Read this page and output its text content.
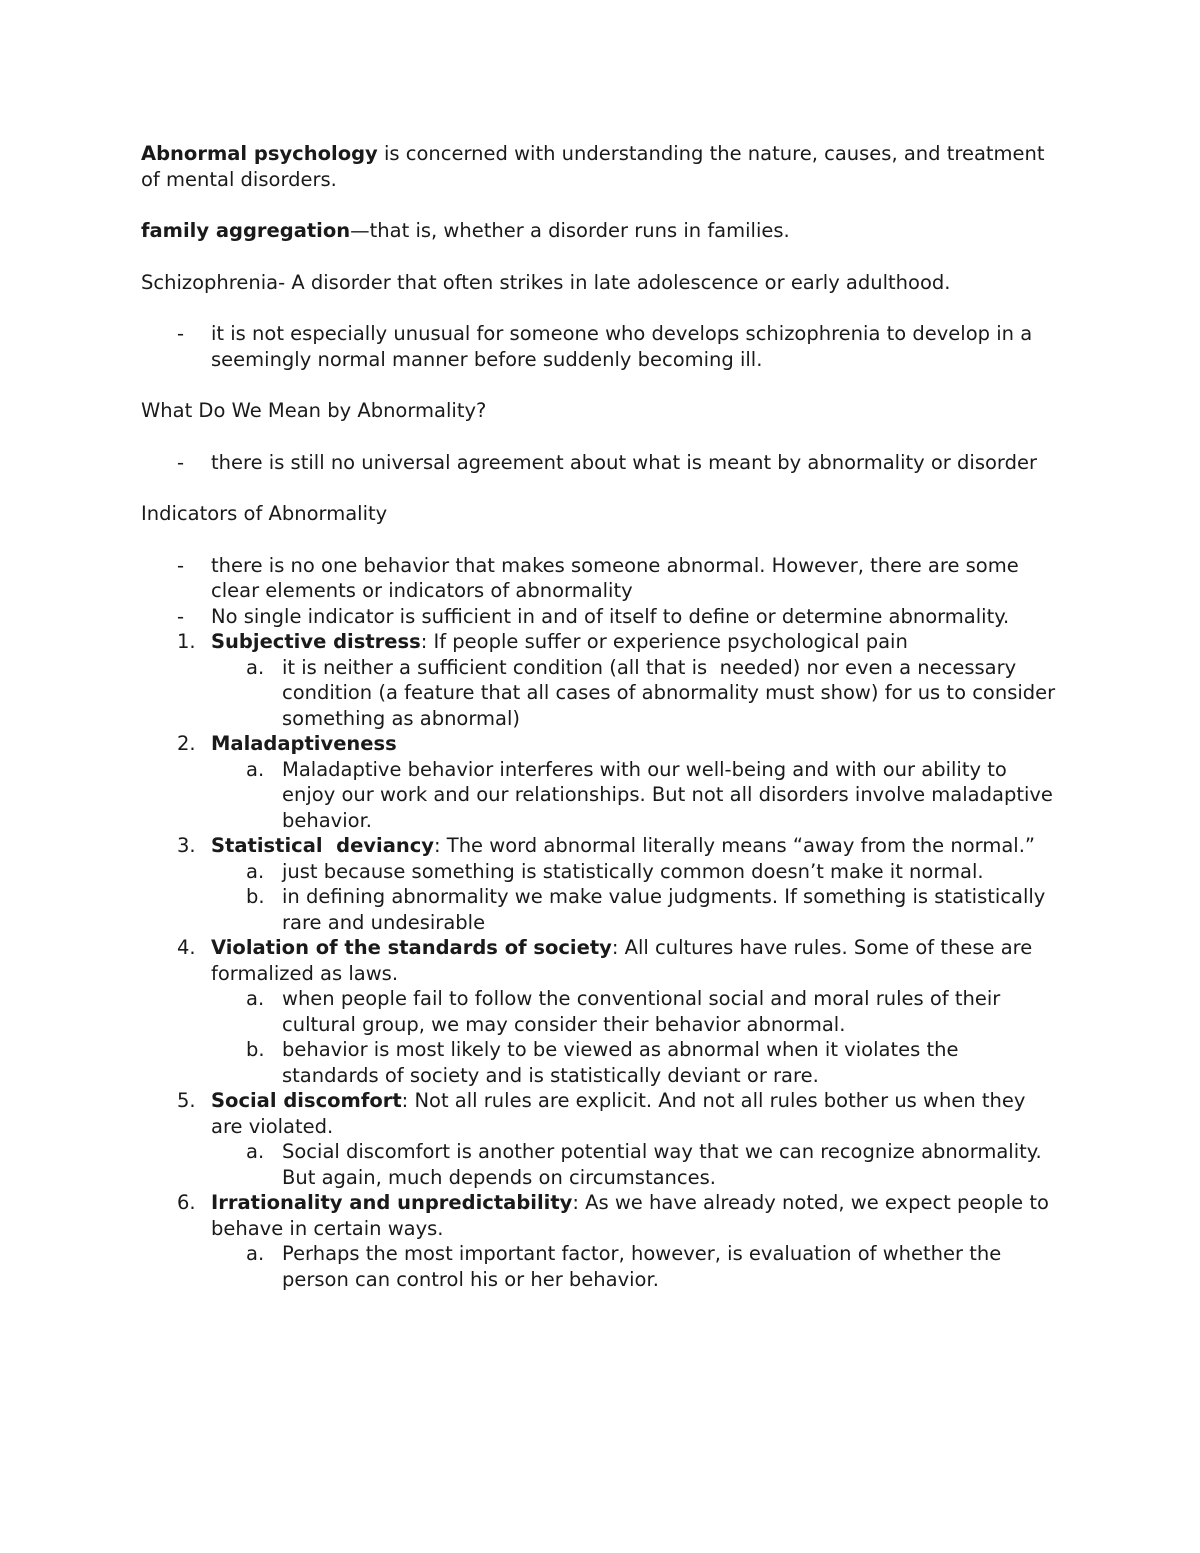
Abnormal psychology is concerned with understanding the nature, causes, and treatment of mental disorders.

family aggregation—that is, whether a disorder runs in families.

Schizophrenia- A disorder that often strikes in late adolescence or early adulthood.

- it is not especially unusual for someone who develops schizophrenia to develop in a seemingly normal manner before suddenly becoming ill.

What Do We Mean by Abnormality?

- there is still no universal agreement about what is meant by abnormality or disorder

Indicators of Abnormality

- there is no one behavior that makes someone abnormal. However, there are some clear elements or indicators of abnormality
- No single indicator is sufficient in and of itself to define or determine abnormality.
1. Subjective distress: If people suffer or experience psychological pain
a. it is neither a sufficient condition (all that is  needed) nor even a necessary condition (a feature that all cases of abnormality must show) for us to consider  something as abnormal)
2. Maladaptiveness
a. Maladaptive behavior interferes with our well-being and with our ability to enjoy our work and our relationships. But not all disorders involve maladaptive behavior.
3. Statistical  deviancy: The word abnormal literally means “away from the normal.”
a. just because something is statistically common doesn’t make it normal.
b. in defining abnormality we make value judgments. If something is statistically rare and undesirable
4. Violation of the standards of society: All cultures have rules. Some of these are formalized as laws.
a. when people fail to follow the conventional social and moral rules of their cultural group, we may consider their behavior abnormal.
b. behavior is most likely to be viewed as abnormal when it violates the standards of society and is statistically deviant or rare.
5. Social discomfort: Not all rules are explicit. And not all rules bother us when they are violated.
a. Social discomfort is another potential way that we can recognize abnormality. But again, much depends on circumstances.
6. Irrationality and unpredictability: As we have already noted, we expect people to behave in certain ways.
a. Perhaps the most important factor, however, is evaluation of whether the person can control his or her behavior.
